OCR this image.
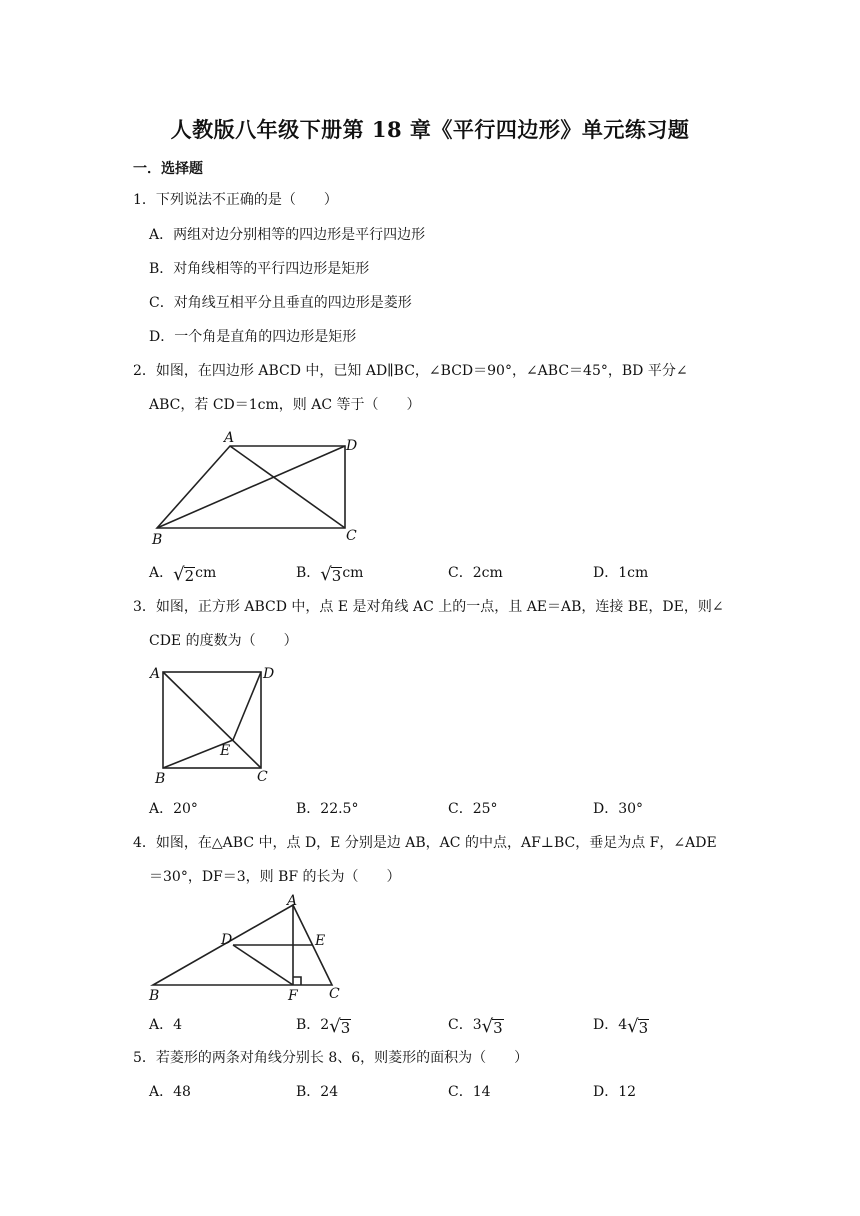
人教版八年级下册第 18 章《平行四边形》单元练习题
一．选择题
1．下列说法不正确的是（　　）
A．两组对边分别相等的四边形是平行四边形
B．对角线相等的平行四边形是矩形
C．对角线互相平分且垂直的四边形是菱形
D．一个角是直角的四边形是矩形
2．如图，在四边形 ABCD 中，已知 AD∥BC，∠BCD＝90°，∠ABC＝45°，BD 平分∠
ABC，若 CD＝1cm，则 AC 等于（　　）
A	D
B	C
A． √ 2 cm	B． √ 3 cm	C．2cm	D．1cm
3．如图，正方形 ABCD 中，点 E 是对角线 AC 上的一点，且 AE＝AB，连接 BE，DE，则∠
CDE 的度数为（　　）
A	D
B	C
E
A．20°	B．22.5°	C．25°	D．30°
4．如图，在△ABC 中，点 D，E 分别是边 AB，AC 的中点，AF⊥BC，垂足为点 F，∠ADE
＝30°，DF＝3，则 BF 的长为（　　）
A
D	E
B	F C
A．4	B．2 √ 3	C．3 √ 3	D．4 √ 3
5．若菱形的两条对角线分别长 8、6，则菱形的面积为（　　）
A．48	B．24	C．14	D．12
